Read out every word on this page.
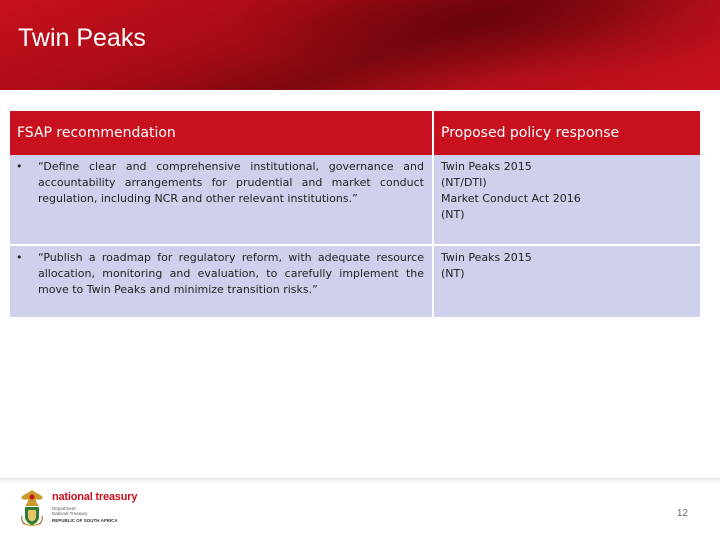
Twin Peaks
FSAP recommendation	Proposed policy response

• “Define clear and comprehensive institutional, governance and accountability arrangements for prudential and market conduct regulation, including NCR and other relevant institutions.”	Twin Peaks 2015
(NT/DTI)
Market Conduct Act 2016
(NT)

• “Publish a roadmap for regulatory reform, with adequate resource allocation, monitoring and evaluation, to carefully implement the move to Twin Peaks and minimize transition risks.”	Twin Peaks 2015
(NT)
national treasury
Department:
National Treasury
REPUBLIC OF SOUTH AFRICA
12
